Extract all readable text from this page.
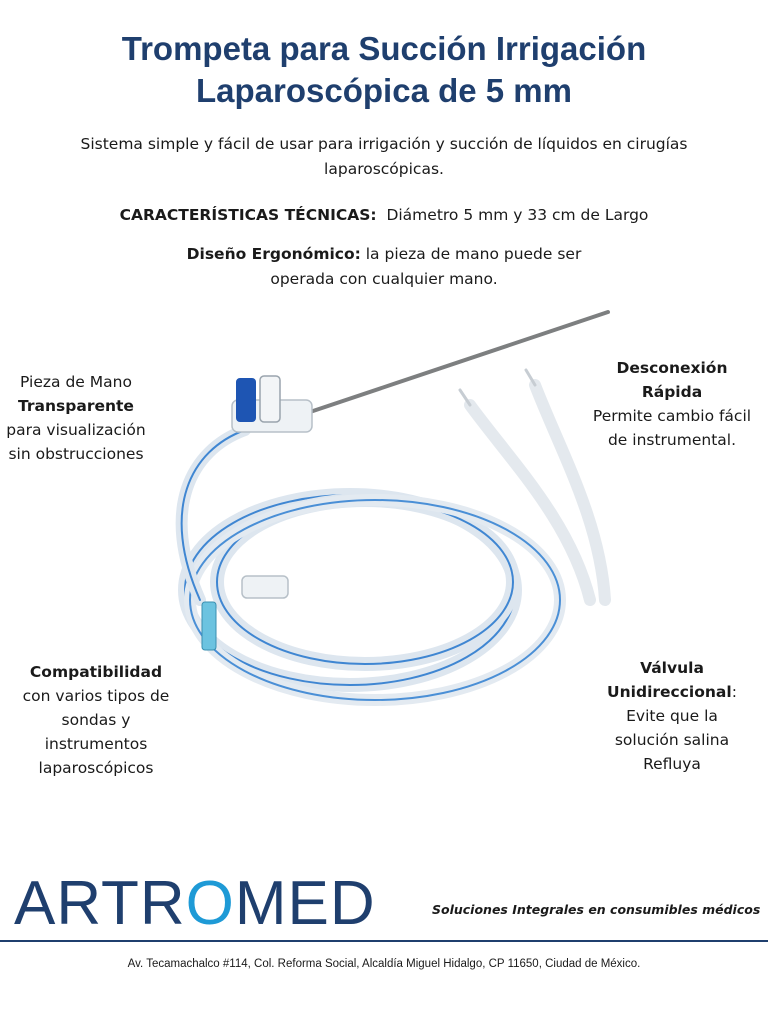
Trompeta para Succión Irrigación
Laparoscópica de 5 mm

Sistema simple y fácil de usar para irrigación y succión de líquidos en cirugías laparoscópicas.

CARACTERÍSTICAS TÉCNICAS: Diámetro 5 mm y 33 cm de Largo

Diseño Ergonómico: la pieza de mano puede ser operada con cualquier mano.

Pieza de Mano
Transparente
para visualización sin obstrucciones

Desconexión Rápida
Permite cambio fácil de instrumental.

Compatibilidad
con varios tipos de sondas y instrumentos laparoscópicos

Válvula Unidireccional:
Evite que la solución salina Refluya

ARTROMED	Soluciones Integrales en consumibles médicos

Av. Tecamachalco #114, Col. Reforma Social, Alcaldía Miguel Hidalgo, CP 11650, Ciudad de México.
